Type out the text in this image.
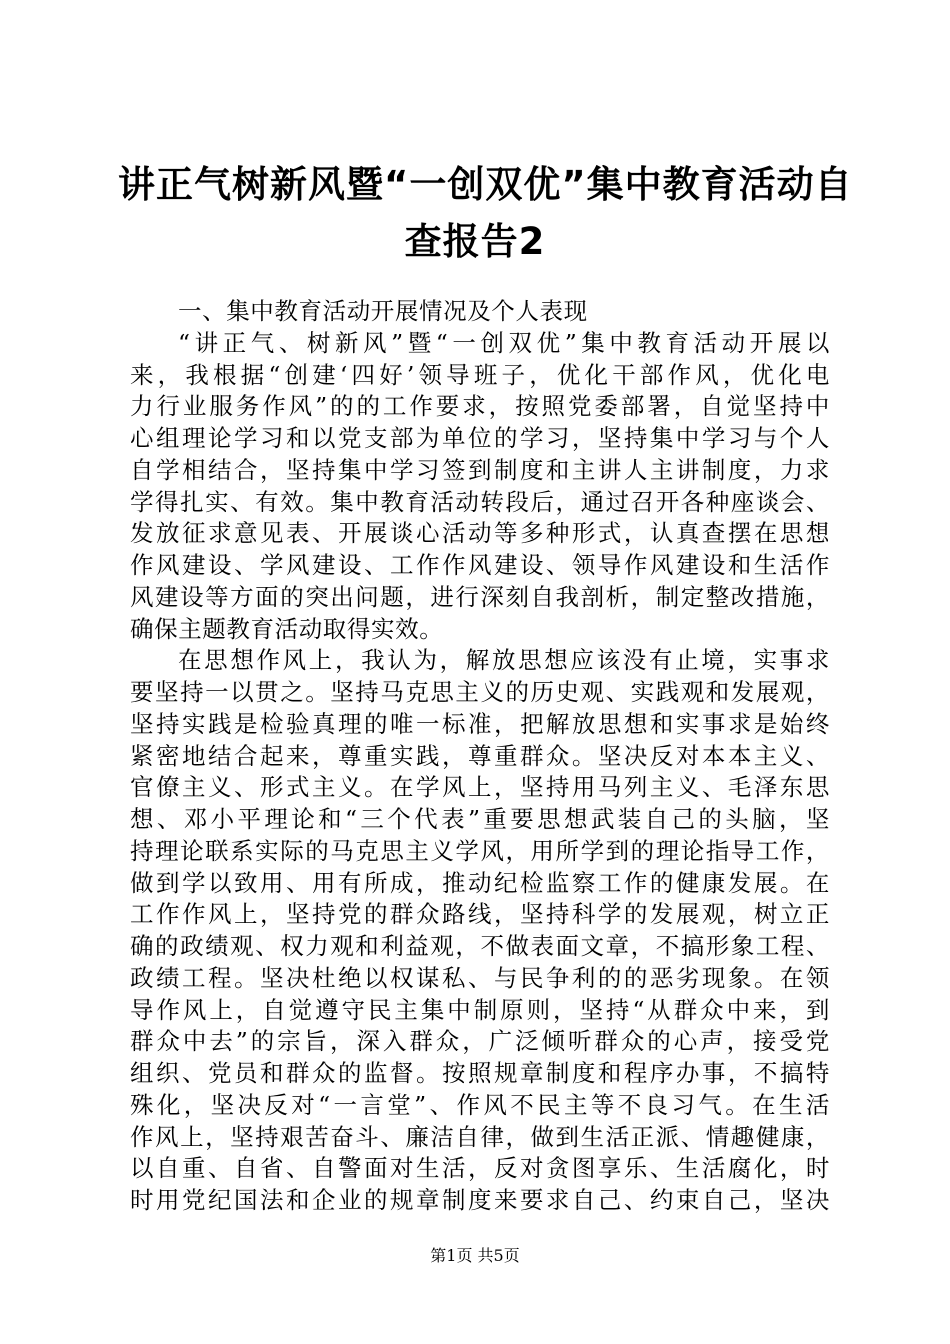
讲正气树新风暨“一创双优”集中教育活动自
查报告2
一、集中教育活动开展情况及个人表现
“讲正气、树新风”暨“一创双优”集中教育活动开展以
来，我根据“创建‘四好’领导班子，优化干部作风，优化电
力行业服务作风”的的工作要求，按照党委部署，自觉坚持中
心组理论学习和以党支部为单位的学习，坚持集中学习与个人
自学相结合，坚持集中学习签到制度和主讲人主讲制度，力求
学得扎实、有效。集中教育活动转段后，通过召开各种座谈会、
发放征求意见表、开展谈心活动等多种形式，认真查摆在思想
作风建设、学风建设、工作作风建设、领导作风建设和生活作
风建设等方面的突出问题，进行深刻自我剖析，制定整改措施，
确保主题教育活动取得实效。
在思想作风上，我认为，解放思想应该没有止境，实事求
要坚持一以贯之。坚持马克思主义的历史观、实践观和发展观，
坚持实践是检验真理的唯一标准，把解放思想和实事求是始终
紧密地结合起来，尊重实践，尊重群众。坚决反对本本主义、
官僚主义、形式主义。在学风上，坚持用马列主义、毛泽东思
想、邓小平理论和“三个代表”重要思想武装自己的头脑，坚
持理论联系实际的马克思主义学风，用所学到的理论指导工作，
做到学以致用、用有所成，推动纪检监察工作的健康发展。在
工作作风上，坚持党的群众路线，坚持科学的发展观，树立正
确的政绩观、权力观和利益观，不做表面文章，不搞形象工程、
政绩工程。坚决杜绝以权谋私、与民争利的的恶劣现象。在领
导作风上，自觉遵守民主集中制原则，坚持“从群众中来，到
群众中去”的宗旨，深入群众，广泛倾听群众的心声，接受党
组织、党员和群众的监督。按照规章制度和程序办事，不搞特
殊化，坚决反对“一言堂”、作风不民主等不良习气。在生活
作风上，坚持艰苦奋斗、廉洁自律，做到生活正派、情趣健康，
以自重、自省、自警面对生活，反对贪图享乐、生活腐化，时
时用党纪国法和企业的规章制度来要求自己、约束自己，坚决
第1页 共5页
